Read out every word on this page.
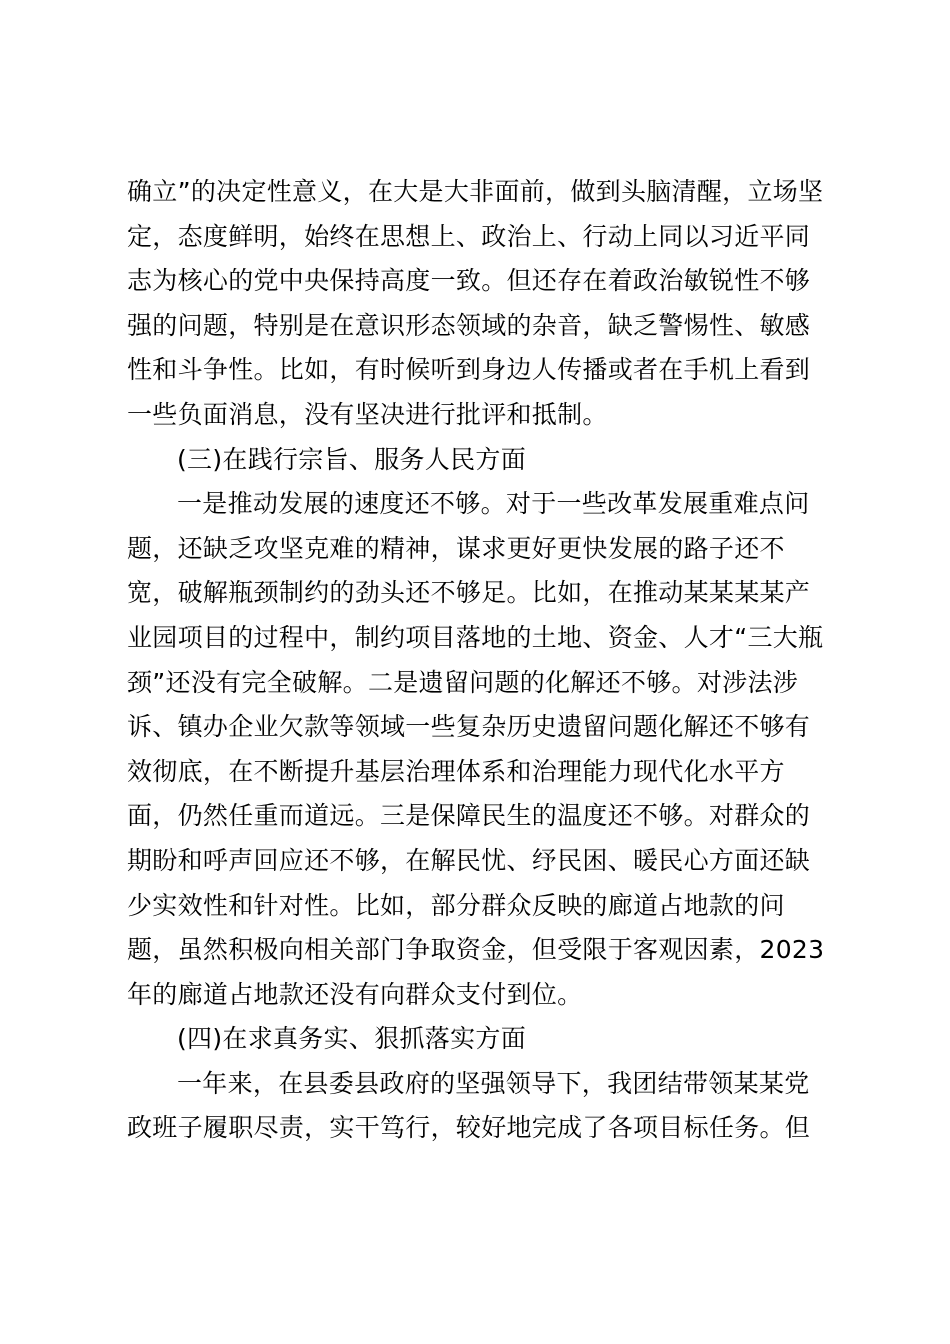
确立”的决定性意义，在大是大非面前，做到头脑清醒，立场坚
定，态度鲜明，始终在思想上、政治上、行动上同以习近平同
志为核心的党中央保持高度一致。但还存在着政治敏锐性不够
强的问题，特别是在意识形态领域的杂音，缺乏警惕性、敏感
性和斗争性。比如，有时候听到身边人传播或者在手机上看到
一些负面消息，没有坚决进行批评和抵制。
(三)在践行宗旨、服务人民方面
一是推动发展的速度还不够。对于一些改革发展重难点问
题，还缺乏攻坚克难的精神，谋求更好更快发展的路子还不
宽，破解瓶颈制约的劲头还不够足。比如，在推动某某某某产
业园项目的过程中，制约项目落地的土地、资金、人才“三大瓶
颈”还没有完全破解。二是遗留问题的化解还不够。对涉法涉
诉、镇办企业欠款等领域一些复杂历史遗留问题化解还不够有
效彻底，在不断提升基层治理体系和治理能力现代化水平方
面，仍然任重而道远。三是保障民生的温度还不够。对群众的
期盼和呼声回应还不够，在解民忧、纾民困、暖民心方面还缺
少实效性和针对性。比如，部分群众反映的廊道占地款的问
题，虽然积极向相关部门争取资金，但受限于客观因素，2023
年的廊道占地款还没有向群众支付到位。
(四)在求真务实、狠抓落实方面
一年来，在县委县政府的坚强领导下，我团结带领某某党
政班子履职尽责，实干笃行，较好地完成了各项目标任务。但
